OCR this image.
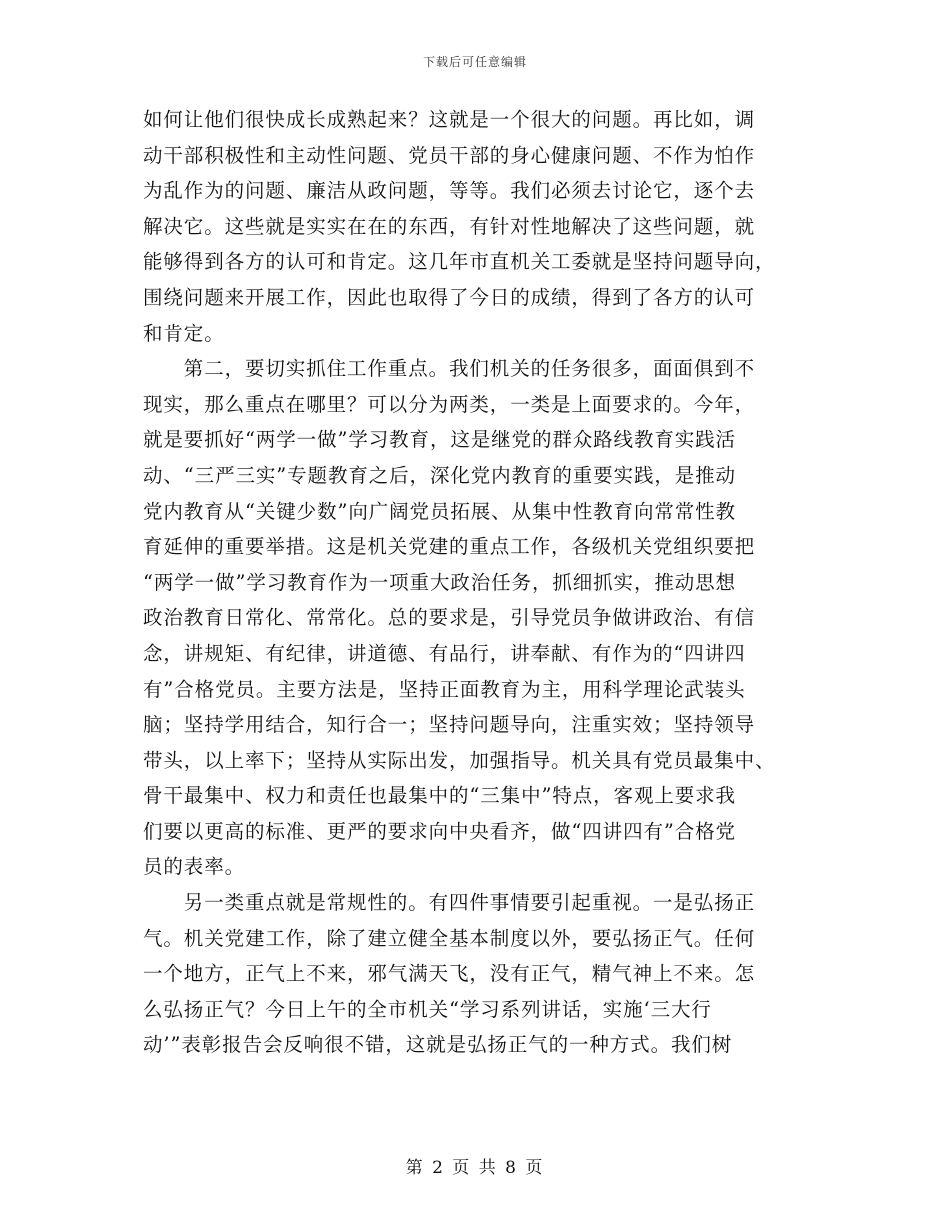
下载后可任意编辑
如何让他们很快成长成熟起来？这就是一个很大的问题。再比如，调
动干部积极性和主动性问题、党员干部的身心健康问题、不作为怕作
为乱作为的问题、廉洁从政问题，等等。我们必须去讨论它，逐个去
解决它。这些就是实实在在的东西，有针对性地解决了这些问题，就
能够得到各方的认可和肯定。这几年市直机关工委就是坚持问题导向，
围绕问题来开展工作，因此也取得了今日的成绩，得到了各方的认可
和肯定。
　　第二，要切实抓住工作重点。我们机关的任务很多，面面俱到不
现实，那么重点在哪里？可以分为两类，一类是上面要求的。今年，
就是要抓好“两学一做”学习教育，这是继党的群众路线教育实践活
动、“三严三实”专题教育之后，深化党内教育的重要实践，是推动
党内教育从“关键少数”向广阔党员拓展、从集中性教育向常常性教
育延伸的重要举措。这是机关党建的重点工作，各级机关党组织要把
“两学一做”学习教育作为一项重大政治任务，抓细抓实，推动思想
政治教育日常化、常常化。总的要求是，引导党员争做讲政治、有信
念，讲规矩、有纪律，讲道德、有品行，讲奉献、有作为的“四讲四
有”合格党员。主要方法是，坚持正面教育为主，用科学理论武装头
脑；坚持学用结合，知行合一；坚持问题导向，注重实效；坚持领导
带头，以上率下；坚持从实际出发，加强指导。机关具有党员最集中、
骨干最集中、权力和责任也最集中的“三集中”特点，客观上要求我
们要以更高的标准、更严的要求向中央看齐，做“四讲四有”合格党
员的表率。
　　另一类重点就是常规性的。有四件事情要引起重视。一是弘扬正
气。机关党建工作，除了建立健全基本制度以外，要弘扬正气。任何
一个地方，正气上不来，邪气满天飞，没有正气，精气神上不来。怎
么弘扬正气？今日上午的全市机关“学习系列讲话，实施‘三大行
动’”表彰报告会反响很不错，这就是弘扬正气的一种方式。我们树
第 2 页 共 8 页
